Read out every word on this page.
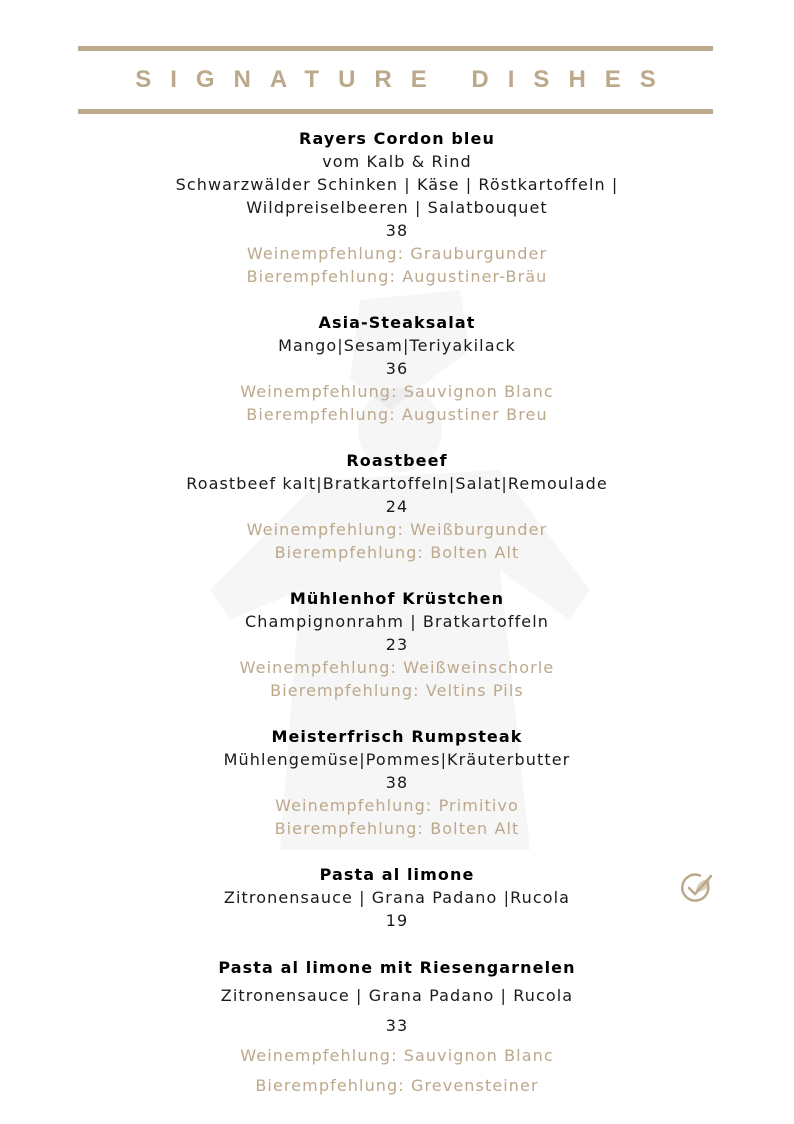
SIGNATURE DISHES
Rayers Cordon bleu
vom Kalb & Rind
Schwarzwälder Schinken | Käse | Röstkartoffeln |
Wildpreiselbeeren | Salatbouquet
38
Weinempfehlung: Grauburgunder
Bierempfehlung: Augustiner-Bräu
Asia-Steaksalat
Mango|Sesam|Teriyakilack
36
Weinempfehlung: Sauvignon Blanc
Bierempfehlung: Augustiner Breu
Roastbeef
Roastbeef kalt|Bratkartoffeln|Salat|Remoulade
24
Weinempfehlung: Weißburgunder
Bierempfehlung: Bolten Alt
Mühlenhof Krüstchen
Champignonrahm | Bratkartoffeln
23
Weinempfehlung: Weißweinschorle
Bierempfehlung: Veltins Pils
Meisterfrisch Rumpsteak
Mühlengemüse|Pommes|Kräuterbutter
38
Weinempfehlung: Primitivo
Bierempfehlung: Bolten Alt
Pasta al limone
Zitronensauce | Grana Padano |Rucola
19
Pasta al limone mit Riesengarnelen
Zitronensauce | Grana Padano | Rucola
33
Weinempfehlung: Sauvignon Blanc
Bierempfehlung: Grevensteiner
